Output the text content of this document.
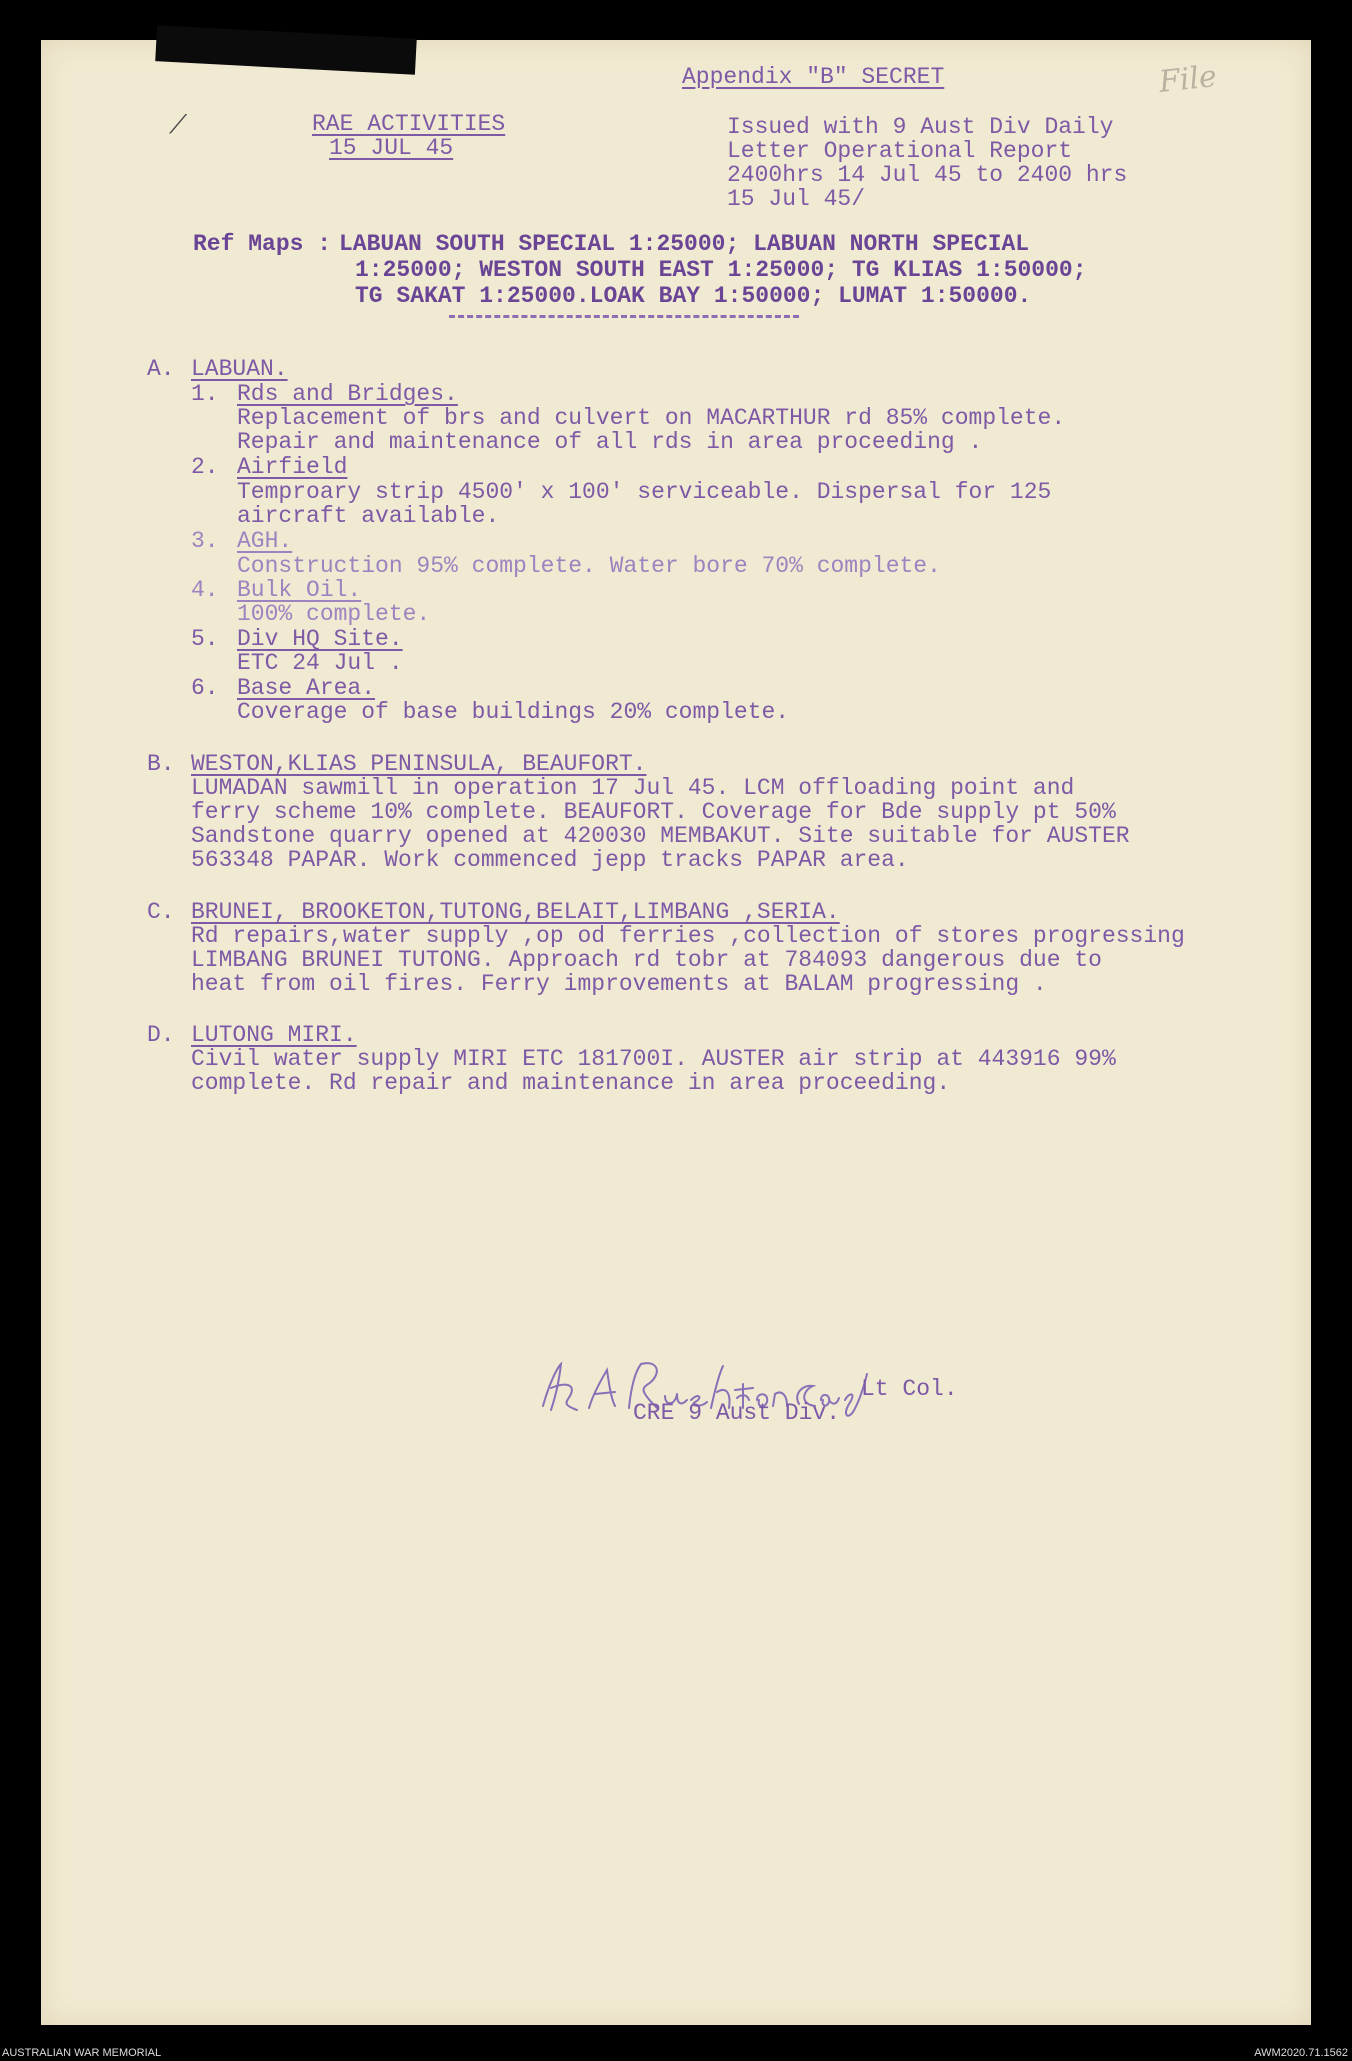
File
⟋
Appendix "B" SECRET
RAE ACTIVITIES
15 JUL 45
Issued with 9 Aust Div Daily
Letter Operational Report
2400hrs 14 Jul 45 to 2400 hrs
15 Jul 45/
Ref Maps : LABUAN SOUTH SPECIAL 1:25000; LABUAN NORTH SPECIAL
1:25000; WESTON SOUTH EAST 1:25000; TG KLIAS 1:50000;
TG SAKAT 1:25000.LOAK BAY 1:50000; LUMAT 1:50000.
A. LABUAN.
1. Rds and Bridges.
Replacement of brs and culvert on MACARTHUR rd 85% complete.
Repair and maintenance of all rds in area proceeding .
2. Airfield
Temproary strip 4500' x 100' serviceable. Dispersal for 125
aircraft available.
3. AGH.
Construction 95% complete. Water bore 70% complete.
4. Bulk Oil.
100% complete.
5. Div HQ Site.
ETC 24 Jul .
6. Base Area.
Coverage of base buildings 20% complete.
B. WESTON,KLIAS PENINSULA, BEAUFORT.
LUMADAN sawmill in operation 17 Jul 45. LCM offloading point and
ferry scheme 10% complete. BEAUFORT. Coverage for Bde supply pt 50%
Sandstone quarry opened at 420030 MEMBAKUT. Site suitable for AUSTER
563348 PAPAR. Work commenced jepp tracks PAPAR area.
C. BRUNEI, BROOKETON,TUTONG,BELAIT,LIMBANG ,SERIA.
Rd repairs,water supply ,op od ferries ,collection of stores progressing
LIMBANG BRUNEI TUTONG. Approach rd tobr at 784093 dangerous due to
heat from oil fires. Ferry improvements at BALAM progressing .
D. LUTONG MIRI.
Civil water supply MIRI ETC 181700I. AUSTER air strip at 443916 99%
complete. Rd repair and maintenance in area proceeding.
Lt Col.
CRE 9 Aust Div.
AUSTRALIAN WAR MEMORIAL	AWM2020.71.1562
